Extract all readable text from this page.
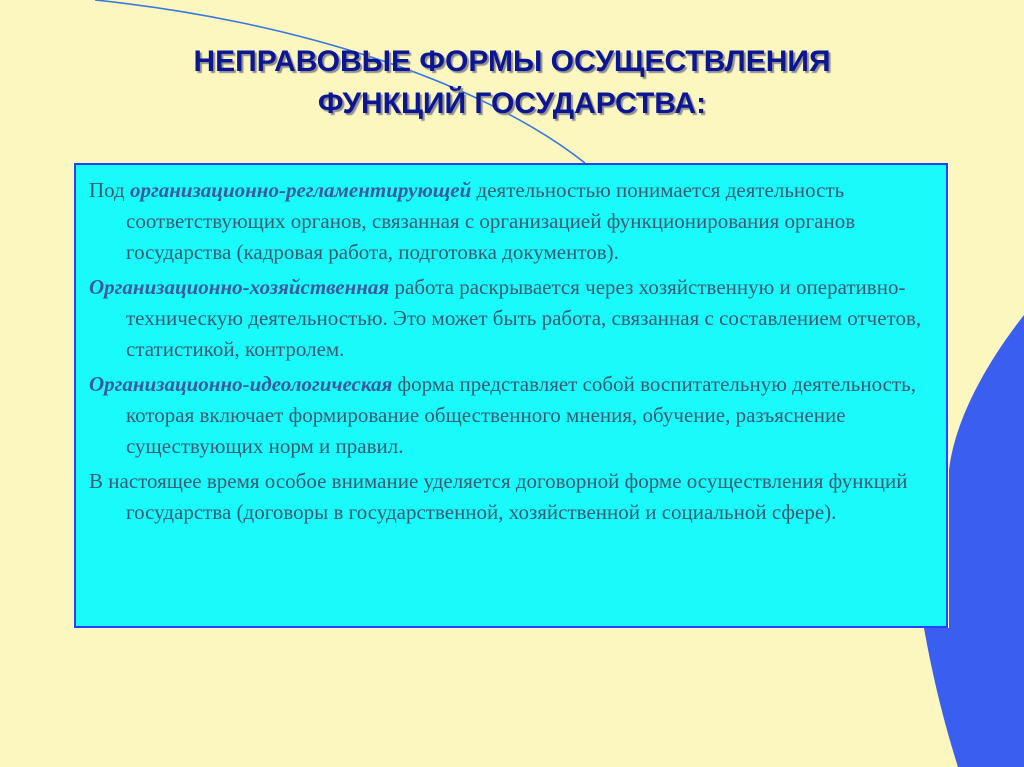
НЕПРАВОВЫЕ ФОРМЫ ОСУЩЕСТВЛЕНИЯ
ФУНКЦИЙ ГОСУДАРСТВА:

Под организационно-регламентирующей деятельностью понимается деятельность соответствующих органов, связанная с организацией функционирования органов государства (кадровая работа, подготовка документов).

Организационно-хозяйственная работа раскрывается через хозяйственную и оперативно-техническую деятельностью. Это может быть работа, связанная с составлением отчетов, статистикой, контролем.

Организационно-идеологическая форма представляет собой воспитательную деятельность, которая включает формирование общественного мнения, обучение, разъяснение существующих норм и правил.

В настоящее время особое внимание уделяется договорной форме осуществления функций государства (договоры в государственной, хозяйственной и социальной сфере).
